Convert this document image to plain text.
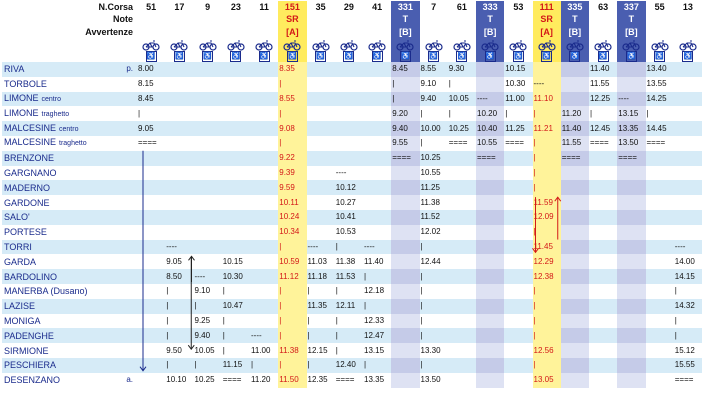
N.Corsa	51	17	9	23	11	151	35	29	41	331	7	61	333	53	111	335	63	337	55	13
Note						SR				T			T		SR	T		T		
Avvertenze						[A]				[B]			[B]		[A]	[B]		[B]		

	♿	♿	♿	♿	♿	♿	♿	♿	♿	♿	♿	♿	♿	♿	♿	♿	♿	♿	♿	♿
RIVA p.	8.00					8.35				8.45	8.55	9.30		10.15			11.40		13.40	
TORBOLE	8.15					|				|	9.10	|		10.30	----		11.55		13.55	
LIMONE centro	8.45					8.55				|	9.40	10.05	----	11.00	11.10		12.25	----	14.25	
LIMONE traghetto	|					|				9.20	|	|	10.20	|	|	11.20	|	13.15	|	
MALCESINE centro	9.05					9.08				9.40	10.00	10.25	10.40	11.25	11.21	11.40	12.45	13.35	14.45	
MALCESINE traghetto	====					|				9.55	|	====	10.55	====	|	11.55	====	13.50	====	
BRENZONE						9.22				====	10.25		====		|	====		====		
GARGNANO						9.39		----			10.55				|					
MADERNO						9.59		10.12			11.25				|					
GARDONE						10.11		10.27			11.38				11.59					
SALO'						10.24		10.41			11.52				12.09					
PORTESE						10.34		10.53			12.02				|					
TORRI		----				|	----	|	----		|				11.45					----
GARDA		9.05		10.15		10.59	11.03	11.38	11.40		12.44				12.29					14.00
BARDOLINO		8.50	----	10.30		11.12	11.18	11.53	|		|				12.38					14.15
MANERBA (Dusano)		|	9.10	|		|	|	|	12.18		|				|					|
LAZISE		|	|	10.47		|	11.35	12.11	|		|				|					14.32
MONIGA		|	9.25	|		|	|	|	12.33		|				|					|
PADENGHE		|	9.40	|	----	|	|	|	12.47		|				|					|
SIRMIONE		9.50	10.05	|	11.00	11.38	12.15	|	13.15		13.30				12.56					15.12
PESCHIERA		|	|	11.15	|	|	|	12.40	|		|				|					15.55
DESENZANO a.		10.10	10.25	====	11.20	11.50	12.35	====	13.35		13.50				13.05					====
